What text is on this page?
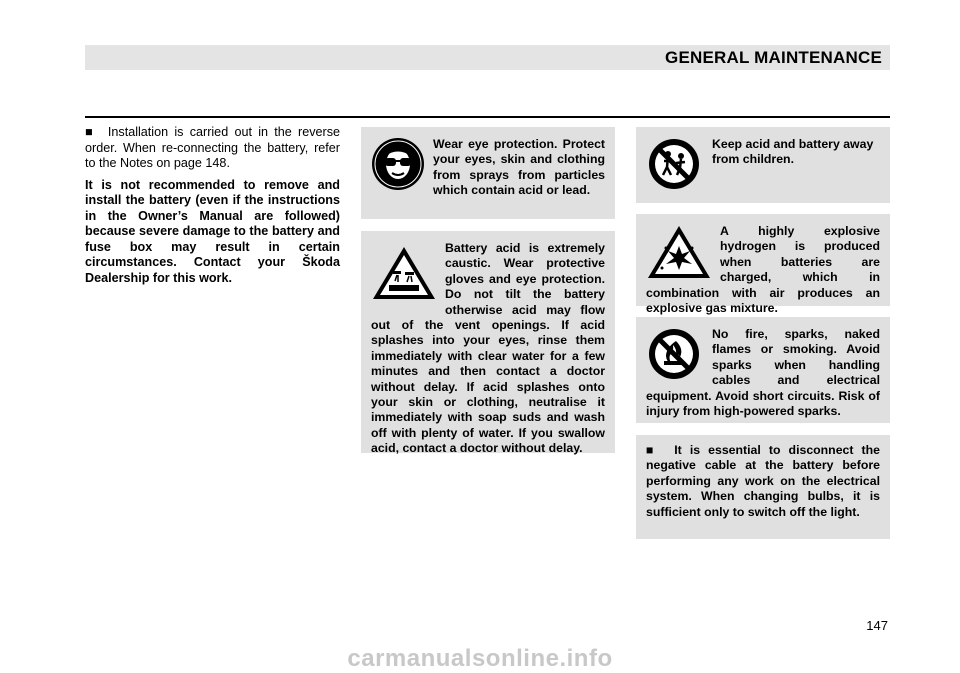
GENERAL MAINTENANCE

■ Installation is carried out in the reverse order. When re-connecting the battery, refer to the Notes on page 148.

It is not recommended to remove and install the battery (even if the instructions in the Owner’s Manual are followed) because severe damage to the battery and fuse box may result in certain circumstances. Contact your Škoda Dealership for this work.

Wear eye protection. Protect your eyes, skin and clothing from sprays from particles which contain acid or lead.

Battery acid is extremely caustic. Wear protective gloves and eye protection. Do not tilt the battery otherwise acid may flow out of the vent openings. If acid splashes into your eyes, rinse them immediately with clear water for a few minutes and then contact a doctor without delay. If acid splashes onto your skin or clothing, neutralise it immediately with soap suds and wash off with plenty of water. If you swallow acid, contact a doctor without delay.

Keep acid and battery away from children.

A highly explosive hydrogen is produced when batteries are charged, which in combination with air produces an explosive gas mixture.

No fire, sparks, naked flames or smoking. Avoid sparks when handling cables and electrical equipment. Avoid short circuits. Risk of injury from high-powered sparks.

■ It is essential to disconnect the negative cable at the battery before performing any work on the electrical system. When changing bulbs, it is sufficient only to switch off the light.

147
carmanualsonline.info
